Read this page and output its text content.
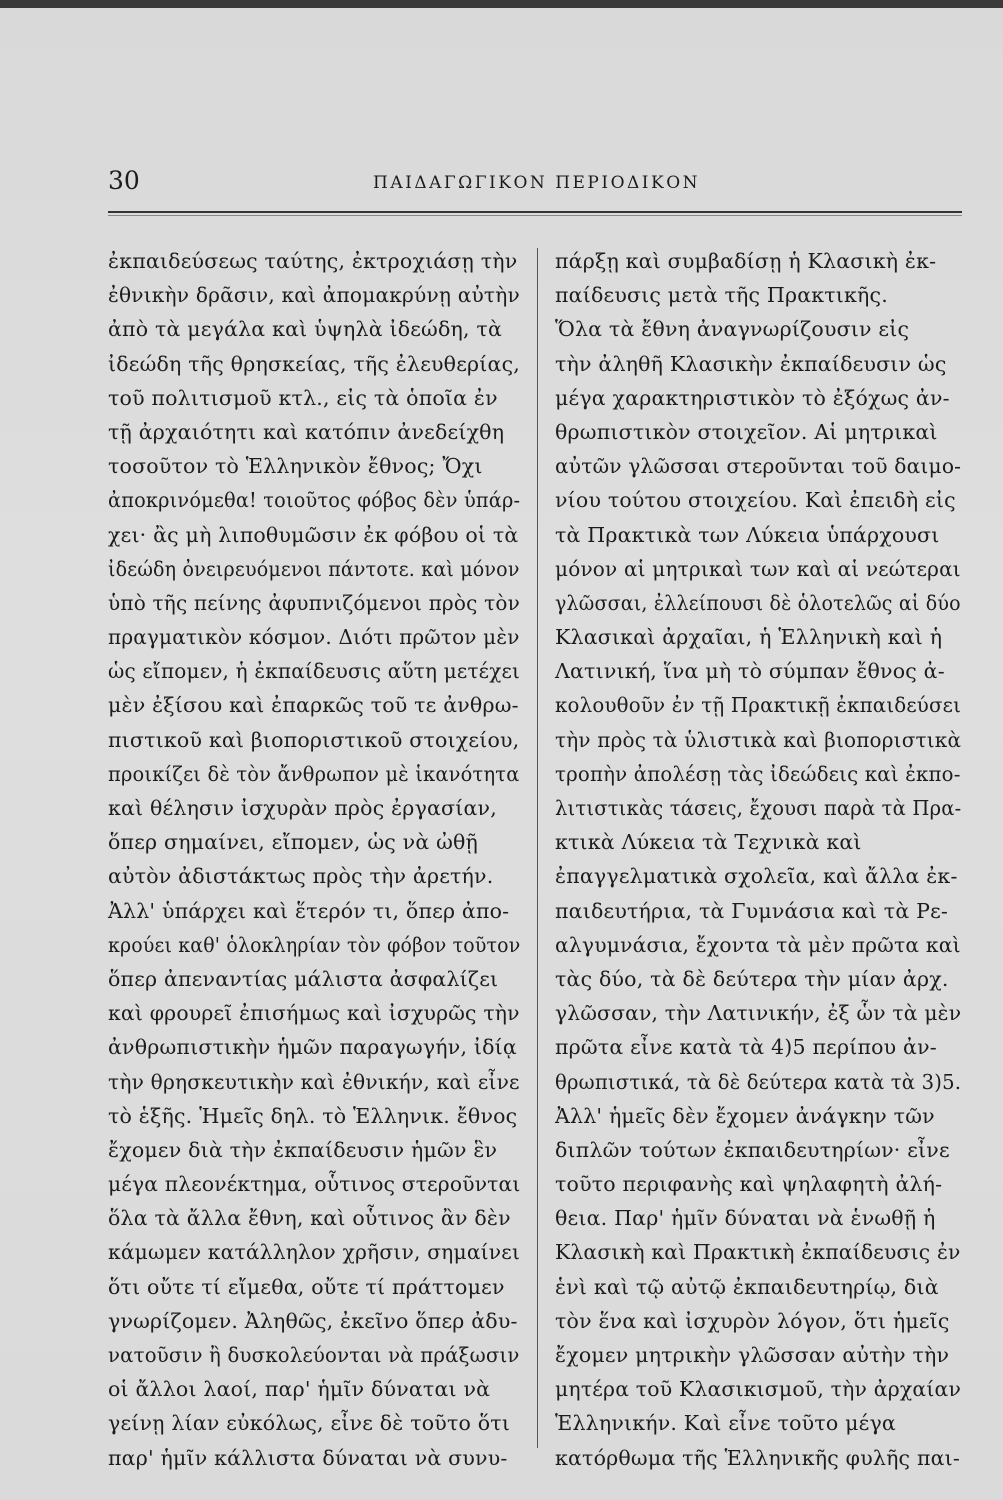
30	ΠΑΙΔΑΓΩΓΙΚΟΝ ΠΕΡΙΟΔΙΚΟΝ
ἐκπαιδεύσεως ταύτης, ἐκτροχιάσῃ τὴν
ἐθνικὴν δρᾶσιν, καὶ ἀπομακρύνῃ αὐτὴν
ἀπὸ τὰ μεγάλα καὶ ὑψηλὰ ἰδεώδη, τὰ
ἰδεώδη τῆς θρησκείας, τῆς ἐλευθερίας,
τοῦ πολιτισμοῦ κτλ., εἰς τὰ ὁποῖα ἐν
τῇ ἀρχαιότητι καὶ κατόπιν ἀνεδείχθη
τοσοῦτον τὸ Ἑλληνικὸν ἔθνος; Ὄχι
ἀποκρινόμεθα! τοιοῦτος φόβος δὲν ὑπάρ-
χει· ἂς μὴ λιποθυμῶσιν ἐκ φόβου οἱ τὰ
ἰδεώδη ὀνειρευόμενοι πάντοτε. καὶ μόνον
ὑπὸ τῆς πείνης ἀφυπνιζόμενοι πρὸς τὸν
πραγματικὸν κόσμον. Διότι πρῶτον μὲν
ὡς εἴπομεν, ἡ ἐκπαίδευσις αὕτη μετέχει
μὲν ἐξίσου καὶ ἐπαρκῶς τοῦ τε ἀνθρω-
πιστικοῦ καὶ βιοποριστικοῦ στοιχείου,
προικίζει δὲ τὸν ἄνθρωπον μὲ ἱκανότητα
καὶ θέλησιν ἰσχυρὰν πρὸς ἐργασίαν,
ὅπερ σημαίνει, εἴπομεν, ὡς νὰ ὠθῇ
αὐτὸν ἀδιστάκτως πρὸς τὴν ἀρετήν.
Ἀλλ' ὑπάρχει καὶ ἕτερόν τι, ὅπερ ἀπο-
κρούει καθ' ὁλοκληρίαν τὸν φόβον τοῦτον
ὅπερ ἀπεναντίας μάλιστα ἀσφαλίζει
καὶ φρουρεῖ ἐπισήμως καὶ ἰσχυρῶς τὴν
ἀνθρωπιστικὴν ἡμῶν παραγωγήν, ἰδίᾳ
τὴν θρησκευτικὴν καὶ ἐθνικήν, καὶ εἶνε
τὸ ἑξῆς. Ἡμεῖς δηλ. τὸ Ἑλληνικ. ἔθνος
ἔχομεν διὰ τὴν ἐκπαίδευσιν ἡμῶν ἓν
μέγα πλεονέκτημα, οὗτινος στεροῦνται
ὅλα τὰ ἄλλα ἔθνη, καὶ οὗτινος ἂν δὲν
κάμωμεν κατάλληλον χρῆσιν, σημαίνει
ὅτι οὔτε τί εἴμεθα, οὔτε τί πράττομεν
γνωρίζομεν. Ἀληθῶς, ἐκεῖνο ὅπερ ἀδυ-
νατοῦσιν ἢ δυσκολεύονται νὰ πράξωσιν
οἱ ἄλλοι λαοί, παρ' ἡμῖν δύναται νὰ
γείνῃ λίαν εὐκόλως, εἶνε δὲ τοῦτο ὅτι
παρ' ἡμῖν κάλλιστα δύναται νὰ συνυ-
πάρξῃ καὶ συμβαδίσῃ ἡ Κλασικὴ ἐκ-
παίδευσις μετὰ τῆς Πρακτικῆς.
Ὅλα τὰ ἔθνη ἀναγνωρίζουσιν εἰς
τὴν ἀληθῆ Κλασικὴν ἐκπαίδευσιν ὡς
μέγα χαρακτηριστικὸν τὸ ἐξόχως ἀν-
θρωπιστικὸν στοιχεῖον. Αἱ μητρικαὶ
αὐτῶν γλῶσσαι στεροῦνται τοῦ δαιμο-
νίου τούτου στοιχείου. Καὶ ἐπειδὴ εἰς
τὰ Πρακτικὰ των Λύκεια ὑπάρχουσι
μόνον αἱ μητρικαὶ των καὶ αἱ νεώτεραι
γλῶσσαι, ἐλλείπουσι δὲ ὁλοτελῶς αἱ δύο
Κλασικαὶ ἀρχαῖαι, ἡ Ἑλληνικὴ καὶ ἡ
Λατινική, ἵνα μὴ τὸ σύμπαν ἔθνος ἀ-
κολουθοῦν ἐν τῇ Πρακτικῇ ἐκπαιδεύσει
τὴν πρὸς τὰ ὑλιστικὰ καὶ βιοποριστικὰ
τροπὴν ἀπολέσῃ τὰς ἰδεώδεις καὶ ἐκπο-
λιτιστικὰς τάσεις, ἔχουσι παρὰ τὰ Πρα-
κτικὰ Λύκεια τὰ Τεχνικὰ καὶ
ἐπαγγελματικὰ σχολεῖα, καὶ ἄλλα ἐκ-
παιδευτήρια, τὰ Γυμνάσια καὶ τὰ Ρε-
αλγυμνάσια, ἔχοντα τὰ μὲν πρῶτα καὶ
τὰς δύο, τὰ δὲ δεύτερα τὴν μίαν ἀρχ.
γλῶσσαν, τὴν Λατινικήν, ἐξ ὧν τὰ μὲν
πρῶτα εἶνε κατὰ τὰ 4)5 περίπου ἀν-
θρωπιστικά, τὰ δὲ δεύτερα κατὰ τὰ 3)5.
Ἀλλ' ἡμεῖς δὲν ἔχομεν ἀνάγκην τῶν
διπλῶν τούτων ἐκπαιδευτηρίων· εἶνε
τοῦτο περιφανὴς καὶ ψηλαφητὴ ἀλή-
θεια. Παρ' ἡμῖν δύναται νὰ ἑνωθῇ ἡ
Κλασικὴ καὶ Πρακτικὴ ἐκπαίδευσις ἐν
ἑνὶ καὶ τῷ αὐτῷ ἐκπαιδευτηρίῳ, διὰ
τὸν ἕνα καὶ ἰσχυρὸν λόγον, ὅτι ἡμεῖς
ἔχομεν μητρικὴν γλῶσσαν αὐτὴν τὴν
μητέρα τοῦ Κλασικισμοῦ, τὴν ἀρχαίαν
Ἑλληνικήν. Καὶ εἶνε τοῦτο μέγα
κατόρθωμα τῆς Ἑλληνικῆς φυλῆς παι-
